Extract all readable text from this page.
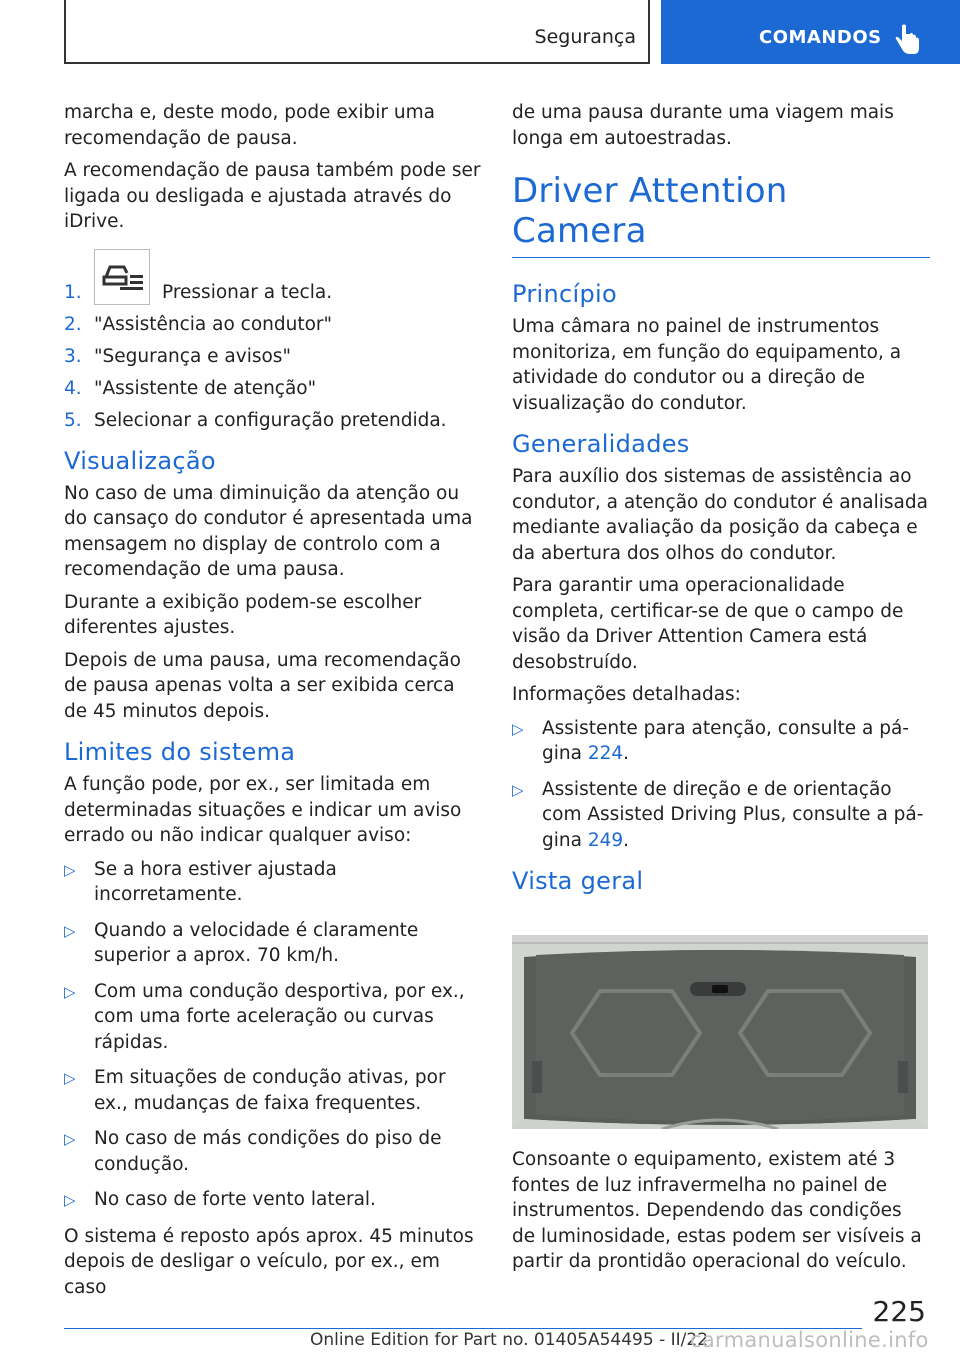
Segurança	COMANDOS

marcha e, deste modo, pode exibir uma recomendação de pausa.

A recomendação de pausa também pode ser ligada ou desligada e ajustada através do iDrive.

1.	Pressionar a tecla.
2. "Assistência ao condutor"
3. "Segurança e avisos"
4. "Assistente de atenção"
5. Selecionar a configuração pretendida.
Visualização

No caso de uma diminuição da atenção ou do cansaço do condutor é apresentada uma mensagem no display de controlo com a recomendação de uma pausa.

Durante a exibição podem-se escolher diferentes ajustes.

Depois de uma pausa, uma recomendação de pausa apenas volta a ser exibida cerca de 45 minutos depois.

Limites do sistema

A função pode, por ex., ser limitada em determinadas situações e indicar um aviso errado ou não indicar qualquer aviso:

▷ Se a hora estiver ajustada incorretamente.
▷ Quando a velocidade é claramente superior a aprox. 70 km/h.
▷ Com uma condução desportiva, por ex., com uma forte aceleração ou curvas rápidas.
▷ Em situações de condução ativas, por ex., mudanças de faixa frequentes.
▷ No caso de más condições do piso de condução.
▷ No caso de forte vento lateral.

O sistema é reposto após aprox. 45 minutos depois de desligar o veículo, por ex., em caso

de uma pausa durante uma viagem mais longa em autoestradas.

Driver Attention Camera
Princípio

Uma câmara no painel de instrumentos monitoriza, em função do equipamento, a atividade do condutor ou a direção de visualização do condutor.

Generalidades

Para auxílio dos sistemas de assistência ao condutor, a atenção do condutor é analisada mediante avaliação da posição da cabeça e da abertura dos olhos do condutor.

Para garantir uma operacionalidade completa, certificar-se de que o campo de visão da Driver Attention Camera está desobstruído.

Informações detalhadas:

▷ Assistente para atenção, consulte a página 224.
▷ Assistente de direção e de orientação com Assisted Driving Plus, consulte a página 249.
Vista geral

Consoante o equipamento, existem até 3 fontes de luz infravermelha no painel de instrumentos. Dependendo das condições de luminosidade, estas podem ser visíveis a partir da prontidão operacional do veículo.

225
Online Edition for Part no. 01405A54495 - II/22
carmanualsonline.info
